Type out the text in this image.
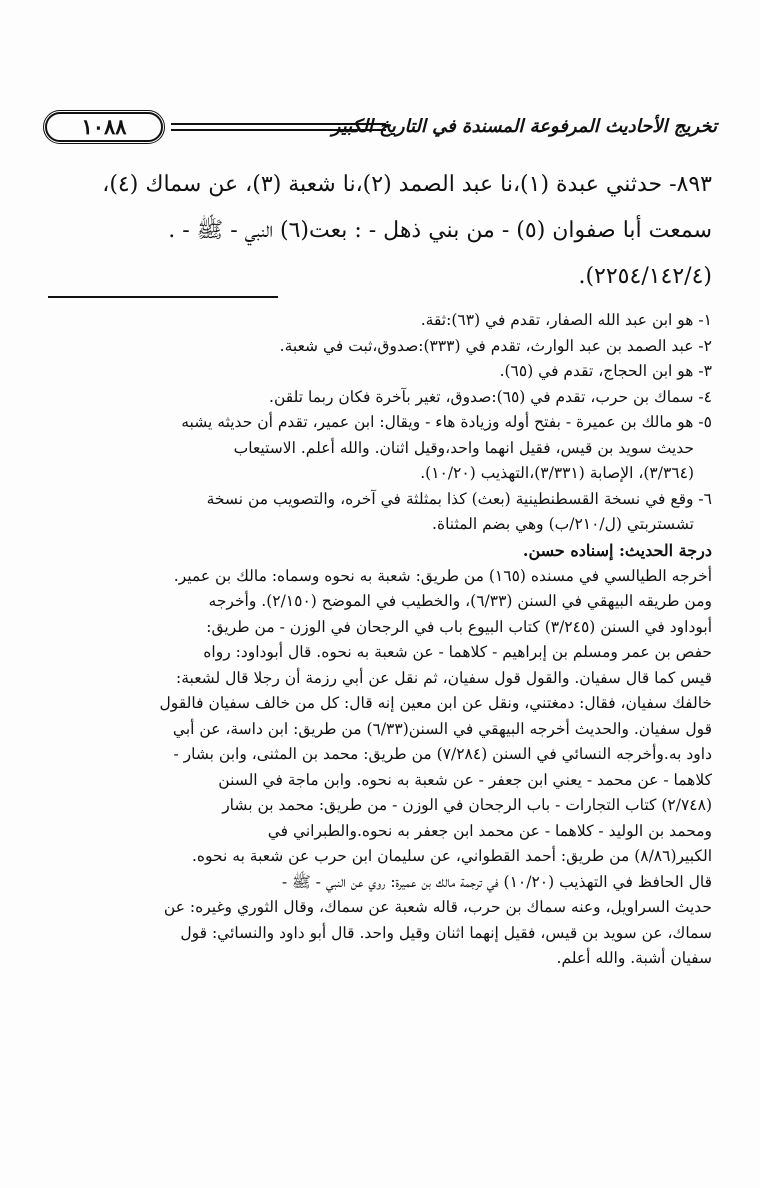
تخريج الأحاديث المرفوعة المسندة في التاريخ الكبير
١٠٨٨
٨٩٣- حدثني عبدة (١)،نا عبد الصمد (٢)،نا شعبة (٣)، عن سماك (٤)،
سمعت أبا صفوان (٥) - من بني ذهل - : بعت(٦) النبي - ﷺ - .
(٢٢٥٤/١٤٢/٤).

١- هو ابن عبد الله الصفار، تقدم في (٦٣):ثقة.

٢- عبد الصمد بن عبد الوارث، تقدم في (٣٣٣):صدوق،ثبت في شعبة.

٣- هو ابن الحجاج، تقدم في (٦٥).

٤- سماك بن حرب، تقدم في (٦٥):صدوق، تغير بآخرة فكان ربما تلقن.

٥- هو مالك بن عميرة - بفتح أوله وزيادة هاء - ويقال: ابن عمير، تقدم أن حديثه يشبه

حديث سويد بن قيس، فقيل انهما واحد،وقيل اثنان. والله أعلم. الاستيعاب

(٣/٣٦٤)، الإصابة (٣/٣٣١)،التهذيب (١٠/٢٠).

٦- وقع في نسخة القسطنطينية (بعث) كذا بمثلثة في آخره، والتصويب من نسخة

تشستربتي (ل/٢١٠/ب) وهي بضم المثناة.

درجة الحديث: إسناده حسن.

أخرجه الطيالسي في مسنده (١٦٥) من طريق: شعبة به نحوه وسماه: مالك بن عمير.

ومن طريقه البيهقي في السنن (٦/٣٣)، والخطيب في الموضح (٢/١٥٠). وأخرجه

أبوداود في السنن (٣/٢٤٥) كتاب البيوع باب في الرجحان في الوزن - من طريق:

حفص بن عمر ومسلم بن إبراهيم - كلاهما - عن شعبة به نحوه. قال أبوداود: رواه

قيس كما قال سفيان. والقول قول سفيان، ثم نقل عن أبي رزمة أن رجلا قال لشعبة:

خالفك سفيان، فقال: دمغتني، ونقل عن ابن معين إنه قال: كل من خالف سفيان فالقول

قول سفيان. والحديث أخرجه البيهقي في السنن(٦/٣٣) من طريق: ابن داسة، عن أبي

داود به.وأخرجه النسائي في السنن (٧/٢٨٤) من طريق: محمد بن المثنى، وابن بشار -

كلاهما - عن محمد - يعني ابن جعفر - عن شعبة به نحوه. وابن ماجة في السنن

(٢/٧٤٨) كتاب التجارات - باب الرجحان في الوزن - من طريق: محمد بن بشار

ومحمد بن الوليد - كلاهما - عن محمد ابن جعفر به نحوه.والطبراني في

الكبير(٨/٨٦) من طريق: أحمد القطواني، عن سليمان ابن حرب عن شعبة به نحوه.

قال الحافظ في التهذيب (١٠/٢٠) في ترجمة مالك بن عميرة: روي عن النبي - ﷺ -

حديث السراويل، وعنه سماك بن حرب، قاله شعبة عن سماك، وقال الثوري وغيره: عن

سماك، عن سويد بن قيس، فقيل إنهما اثنان وقيل واحد. قال أبو داود والنسائي: قول

سفيان أشبة. والله أعلم.
